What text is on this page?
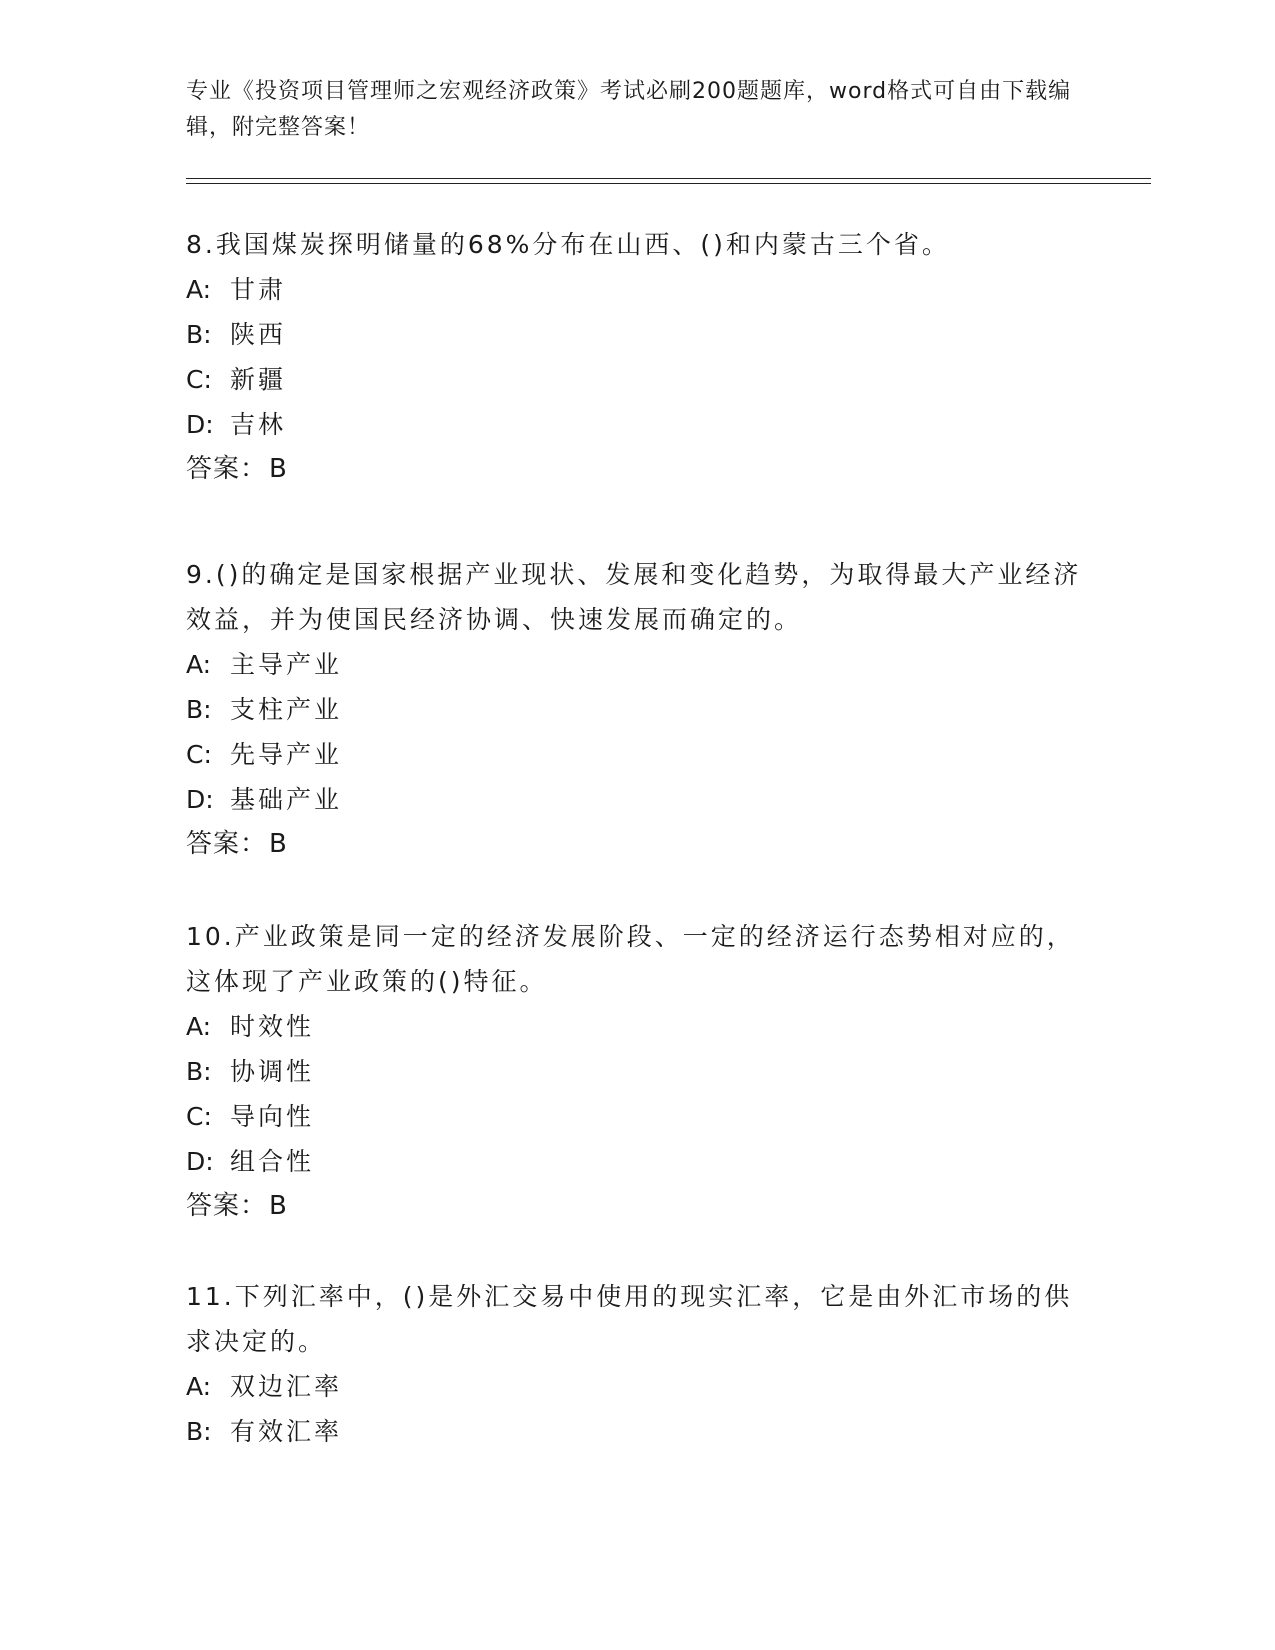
专业《投资项目管理师之宏观经济政策》考试必刷200题题库，word格式可自由下载编辑，附完整答案！

8.我国煤炭探明储量的68%分布在山西、()和内蒙古三个省。

A: 甘肃
B: 陕西
C: 新疆
D: 吉林
答案：B

9.()的确定是国家根据产业现状、发展和变化趋势，为取得最大产业经济效益，并为使国民经济协调、快速发展而确定的。

A: 主导产业
B: 支柱产业
C: 先导产业
D: 基础产业
答案：B

10.产业政策是同一定的经济发展阶段、一定的经济运行态势相对应的，这体现了产业政策的()特征。

A: 时效性
B: 协调性
C: 导向性
D: 组合性
答案：B

11.下列汇率中，()是外汇交易中使用的现实汇率，它是由外汇市场的供求决定的。

A: 双边汇率
B: 有效汇率
